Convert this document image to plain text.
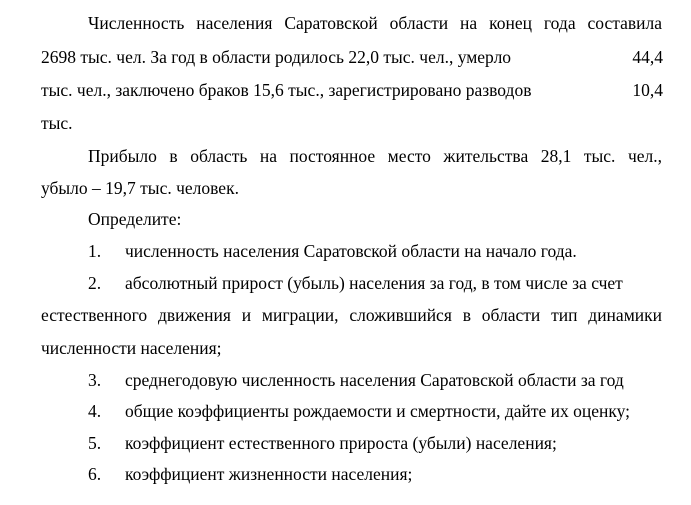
Численность населения Саратовской области на конец года составила
2698 тыс. чел. За год в области родилось 22,0 тыс. чел., умерло	44,4
тыс. чел., заключено браков 15,6 тыс., зарегистрировано разводов	10,4
тыс.
Прибыло в область на постоянное место жительства 28,1 тыс. чел.,
убыло – 19,7 тыс. человек.
Определите:
1. численность населения Саратовской области на начало года.
2. абсолютный прирост (убыль) населения за год, в том числе за счет
естественного движения и миграции, сложившийся в области тип динамики
численности населения;
3. среднегодовую численность населения Саратовской области за год
4. общие коэффициенты рождаемости и смертности, дайте их оценку;
5. коэффициент естественного прироста (убыли) населения;
6. коэффициент жизненности населения;
